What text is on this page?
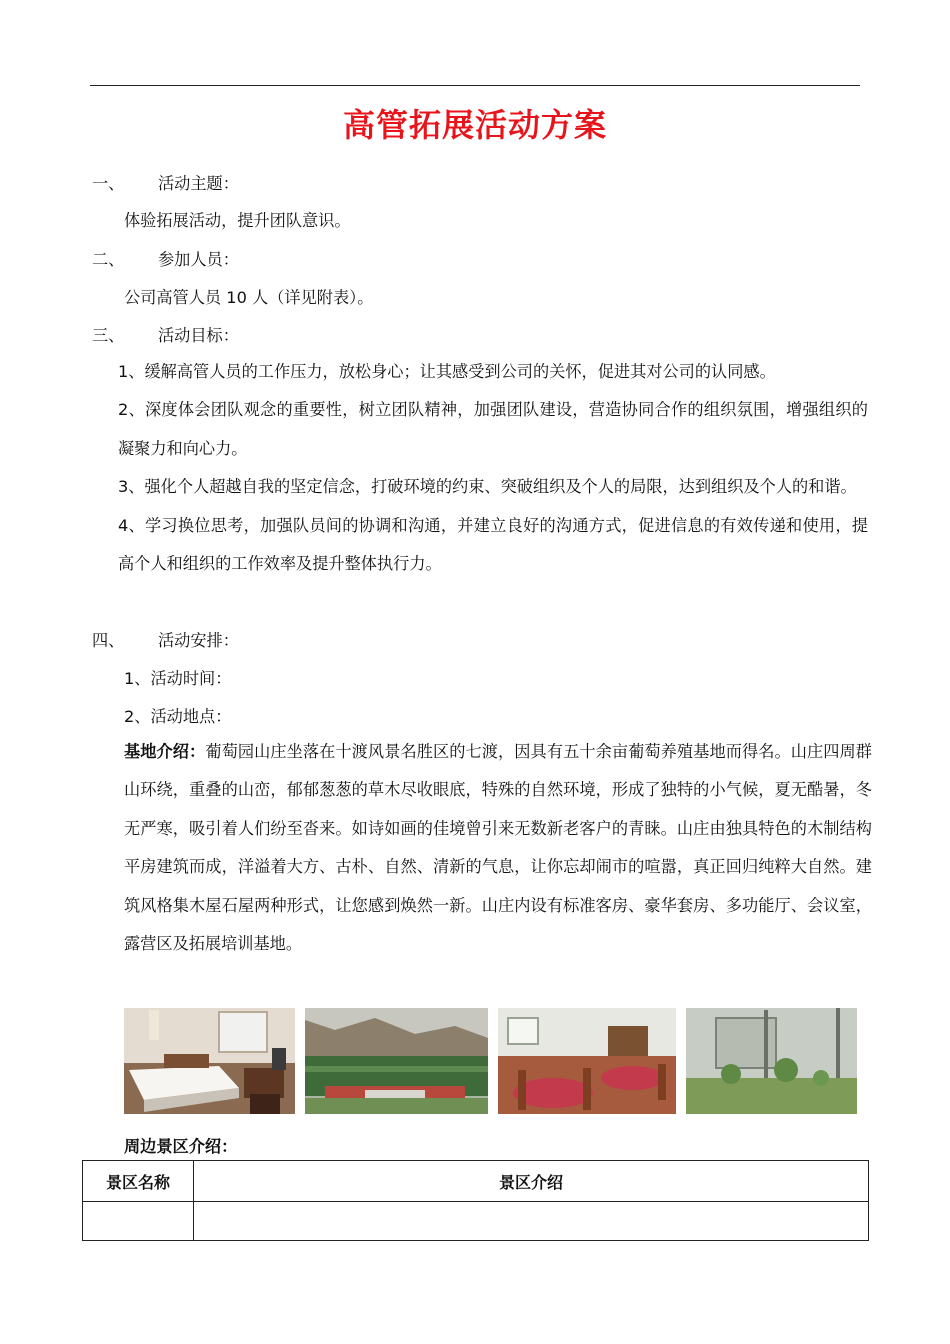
高管拓展活动方案
一、 活动主题：
体验拓展活动，提升团队意识。
二、 参加人员：
公司高管人员 10 人（详见附表）。
三、 活动目标：

1、缓解高管人员的工作压力，放松身心；让其感受到公司的关怀，促进其对公司的认同感。

2、深度体会团队观念的重要性，树立团队精神，加强团队建设，营造协同合作的组织氛围，增强组织的凝聚力和向心力。

3、强化个人超越自我的坚定信念，打破环境的约束、突破组织及个人的局限，达到组织及个人的和谐。

4、学习换位思考，加强队员间的协调和沟通，并建立良好的沟通方式，促进信息的有效传递和使用，提高个人和组织的工作效率及提升整体执行力。

四、 活动安排：
1、活动时间：
2、活动地点：

基地介绍：葡萄园山庄坐落在十渡风景名胜区的七渡，因具有五十余亩葡萄养殖基地而得名。山庄四周群山环绕，重叠的山峦，郁郁葱葱的草木尽收眼底，特殊的自然环境，形成了独特的小气候，夏无酷暑，冬无严寒，吸引着人们纷至沓来。如诗如画的佳境曾引来无数新老客户的青睐。山庄由独具特色的木制结构平房建筑而成，洋溢着大方、古朴、自然、清新的气息，让你忘却闹市的喧嚣，真正回归纯粹大自然。建筑风格集木屋石屋两种形式，让您感到焕然一新。山庄内设有标准客房、豪华套房、多功能厅、会议室，露营区及拓展培训基地。

周边景区介绍：
景区名称	景区介绍
